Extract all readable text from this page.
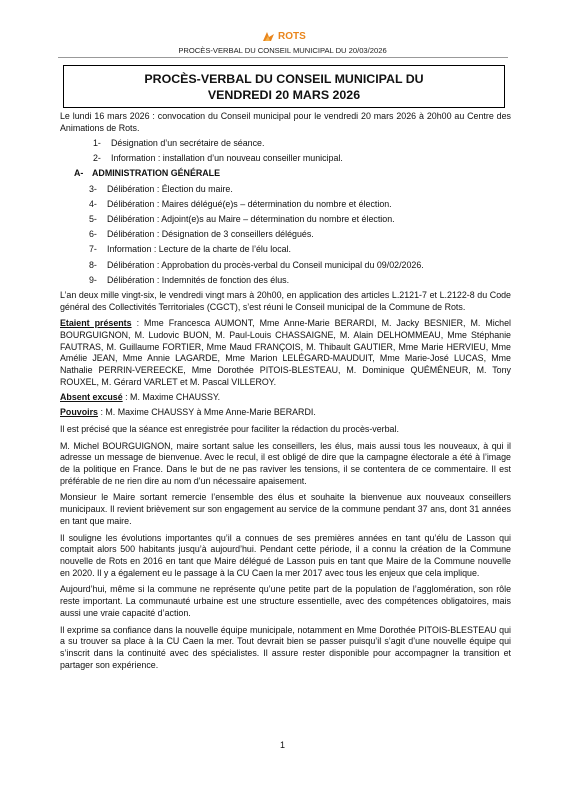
ROTS
PROCÈS-VERBAL DU CONSEIL MUNICIPAL DU 20/03/2026
PROCÈS-VERBAL DU CONSEIL MUNICIPAL DU
VENDREDI 20 MARS 2026

Le lundi 16 mars 2026 : convocation du Conseil municipal pour le vendredi 20 mars 2026 à 20h00 au Centre des Animations de Rots.

1-	Désignation d’un secrétaire de séance.
2-	Information : installation d’un nouveau conseiller municipal.
A- ADMINISTRATION GÉNÉRALE
3-	Délibération : Élection du maire.
4-	Délibération : Maires délégué(e)s – détermination du nombre et élection.
5-	Délibération : Adjoint(e)s au Maire – détermination du nombre et élection.
6-	Délibération : Désignation de 3 conseillers délégués.
7-	Information : Lecture de la charte de l’élu local.
8-	Délibération : Approbation du procès-verbal du Conseil municipal du 09/02/2026.
9-	Délibération : Indemnités de fonction des élus.

L’an deux mille vingt-six, le vendredi vingt mars à 20h00, en application des articles L.2121-7 et L.2122-8 du Code général des Collectivités Territoriales (CGCT), s’est réuni le Conseil municipal de la Commune de Rots.

Etaient présents : Mme Francesca AUMONT, Mme Anne-Marie BERARDI, M. Jacky BESNIER, M. Michel BOURGUIGNON, M. Ludovic BUON, M. Paul-Louis CHASSAIGNE, M. Alain DELHOMMEAU, Mme Stéphanie FAUTRAS, M. Guillaume FORTIER, Mme Maud FRANÇOIS, M. Thibault GAUTIER, Mme Marie HERVIEU, Mme Amélie JEAN, Mme Annie LAGARDE, Mme Marion LELÉGARD-MAUDUIT, Mme Marie-José LUCAS, Mme Nathalie PERRIN-VEREECKE, Mme Dorothée PITOIS-BLESTEAU, M. Dominique QUÉMÉNEUR, M. Tony ROUXEL, M. Gérard VARLET et M. Pascal VILLEROY.

Absent excusé : M. Maxime CHAUSSY.

Pouvoirs : M. Maxime CHAUSSY à Mme Anne-Marie BERARDI.

Il est précisé que la séance est enregistrée pour faciliter la rédaction du procès-verbal.

M. Michel BOURGUIGNON, maire sortant salue les conseillers, les élus, mais aussi tous les nouveaux, à qui il adresse un message de bienvenue. Avec le recul, il est obligé de dire que la campagne électorale a été à l’image de la politique en France. Dans le but de ne pas raviver les tensions, il se contentera de ce commentaire. Il est préférable de ne rien dire au nom d’un nécessaire apaisement.

Monsieur le Maire sortant remercie l’ensemble des élus et souhaite la bienvenue aux nouveaux conseillers municipaux. Il revient brièvement sur son engagement au service de la commune pendant 37 ans, dont 31 années en tant que maire.

Il souligne les évolutions importantes qu’il a connues de ses premières années en tant qu’élu de Lasson qui comptait alors 500 habitants jusqu’à aujourd’hui. Pendant cette période, il a connu la création de la Commune nouvelle de Rots en 2016 en tant que Maire délégué de Lasson puis en tant que Maire de la Commune nouvelle en 2020. Il y a également eu le passage à la CU Caen la mer 2017 avec tous les enjeux que cela implique.

Aujourd’hui, même si la commune ne représente qu’une petite part de la population de l’agglomération, son rôle reste important. La communauté urbaine est une structure essentielle, avec des compétences obligatoires, mais aussi une vraie capacité d’action.

Il exprime sa confiance dans la nouvelle équipe municipale, notamment en Mme Dorothée PITOIS-BLESTEAU qui a su trouver sa place à la CU Caen la mer. Tout devrait bien se passer puisqu’il s’agit d’une nouvelle équipe qui s’inscrit dans la continuité avec des spécialistes. Il assure rester disponible pour accompagner la transition et partager son expérience.

1
